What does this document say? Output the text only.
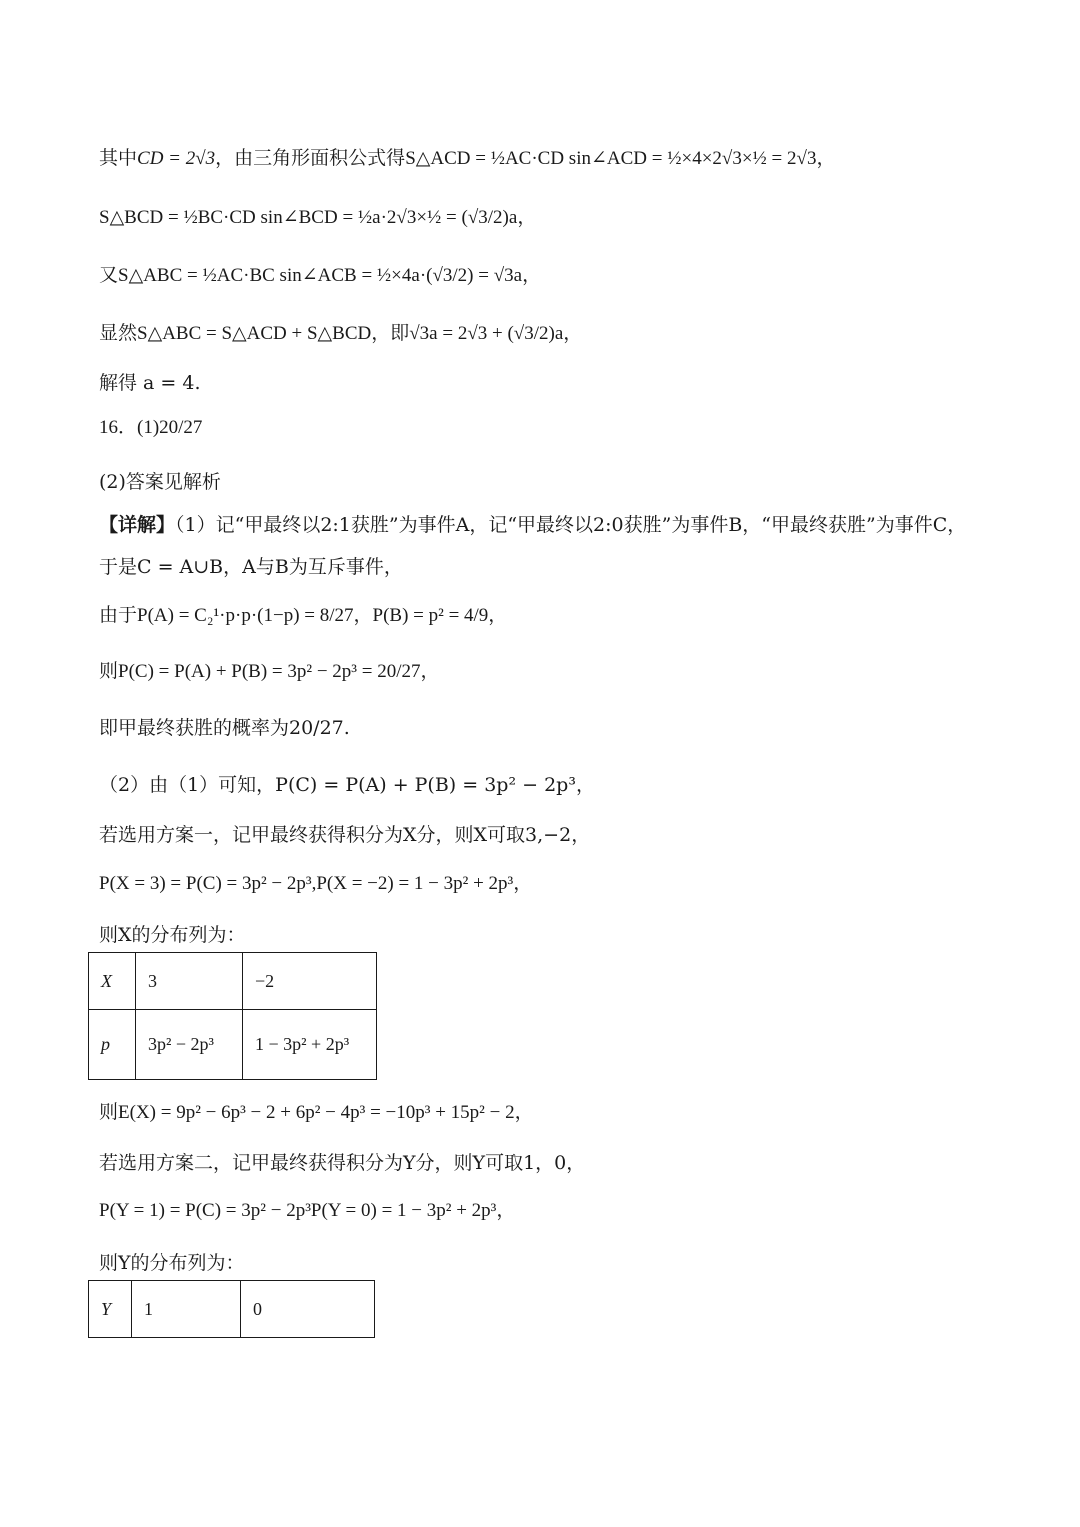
其中CD = 2√3，由三角形面积公式得S△ACD = ½AC·CD sin∠ACD = ½×4×2√3×½ = 2√3，
S△BCD = ½BC·CD sin∠BCD = ½a·2√3×½ = (√3/2)a，
又S△ABC = ½AC·BC sin∠ACB = ½×4a·(√3/2) = √3a，
显然S△ABC = S△ACD + S△BCD，即√3a = 2√3 + (√3/2)a，
解得 a = 4.
16．(1)20/27
(2)答案见解析
【详解】（1）记“甲最终以2:1获胜”为事件A，记“甲最终以2:0获胜”为事件B，“甲最终获胜”为事件C，
于是C = A∪B，A与B为互斥事件，
由于P(A) = C₂¹·p·p·(1−p) = 8/27，P(B) = p² = 4/9，
则P(C) = P(A) + P(B) = 3p² − 2p³ = 20/27，
即甲最终获胜的概率为20/27.
（2）由（1）可知，P(C) = P(A) + P(B) = 3p² − 2p³，
若选用方案一，记甲最终获得积分为X分，则X可取3,−2，
P(X = 3) = P(C) = 3p² − 2p³,P(X = −2) = 1 − 3p² + 2p³，
则X的分布列为：
X	3	−2
p	3p² − 2p³	1 − 3p² + 2p³
则E(X) = 9p² − 6p³ − 2 + 6p² − 4p³ = −10p³ + 15p² − 2，
若选用方案二，记甲最终获得积分为Y分，则Y可取1，0，
P(Y = 1) = P(C) = 3p² − 2p³P(Y = 0) = 1 − 3p² + 2p³，
则Y的分布列为：
Y	1	0
